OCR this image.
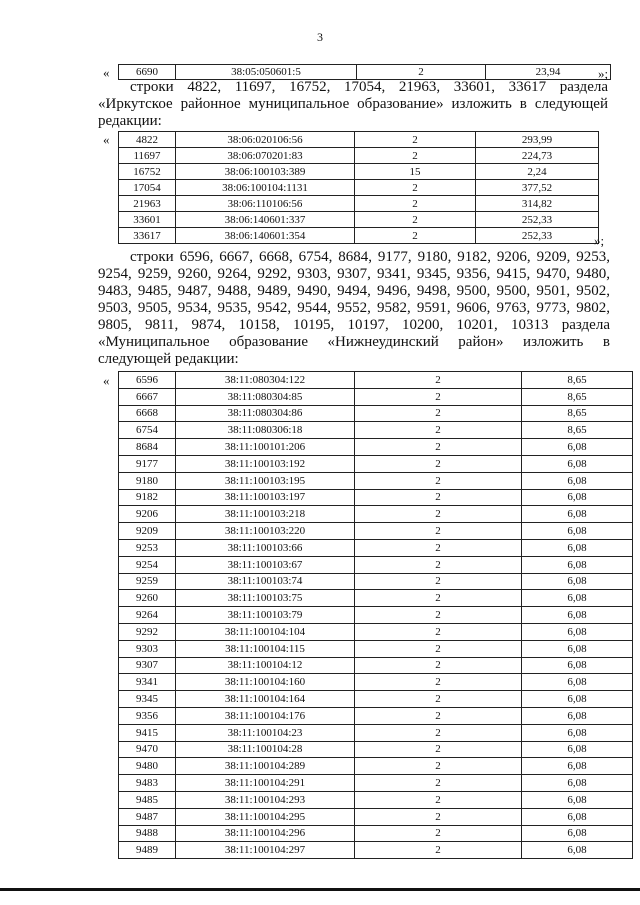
3
« 6690	38:05:050601:5	2	23,94	»;
строки 4822, 11697, 16752, 17054, 21963, 33601, 33617 раздела
«Иркутское районное муниципальное образование» изложить в следующей
редакции:
« 4822	38:06:020106:56	2	293,99
11697	38:06:070201:83	2	224,73
16752	38:06:100103:389	15	2,24
17054	38:06:100104:1131	2	377,52
21963	38:06:110106:56	2	314,82
33601	38:06:140601:337	2	252,33
33617	38:06:140601:354	2	252,33	»;
строки 6596, 6667, 6668, 6754, 8684, 9177, 9180, 9182, 9206, 9209, 9253,
9254, 9259, 9260, 9264, 9292, 9303, 9307, 9341, 9345, 9356, 9415, 9470, 9480,
9483, 9485, 9487, 9488, 9489, 9490, 9494, 9496, 9498, 9500, 9500, 9501, 9502,
9503, 9505, 9534, 9535, 9542, 9544, 9552, 9582, 9591, 9606, 9763, 9773, 9802,
9805, 9811, 9874, 10158, 10195, 10197, 10200, 10201, 10313 раздела
«Муниципальное образование «Нижнеудинский район» изложить в
следующей редакции:
« 6596	38:11:080304:122	2	8,65
6667	38:11:080304:85	2	8,65
6668	38:11:080304:86	2	8,65
6754	38:11:080306:18	2	8,65
8684	38:11:100101:206	2	6,08
9177	38:11:100103:192	2	6,08
9180	38:11:100103:195	2	6,08
9182	38:11:100103:197	2	6,08
9206	38:11:100103:218	2	6,08
9209	38:11:100103:220	2	6,08
9253	38:11:100103:66	2	6,08
9254	38:11:100103:67	2	6,08
9259	38:11:100103:74	2	6,08
9260	38:11:100103:75	2	6,08
9264	38:11:100103:79	2	6,08
9292	38:11:100104:104	2	6,08
9303	38:11:100104:115	2	6,08
9307	38:11:100104:12	2	6,08
9341	38:11:100104:160	2	6,08
9345	38:11:100104:164	2	6,08
9356	38:11:100104:176	2	6,08
9415	38:11:100104:23	2	6,08
9470	38:11:100104:28	2	6,08
9480	38:11:100104:289	2	6,08
9483	38:11:100104:291	2	6,08
9485	38:11:100104:293	2	6,08
9487	38:11:100104:295	2	6,08
9488	38:11:100104:296	2	6,08
9489	38:11:100104:297	2	6,08
